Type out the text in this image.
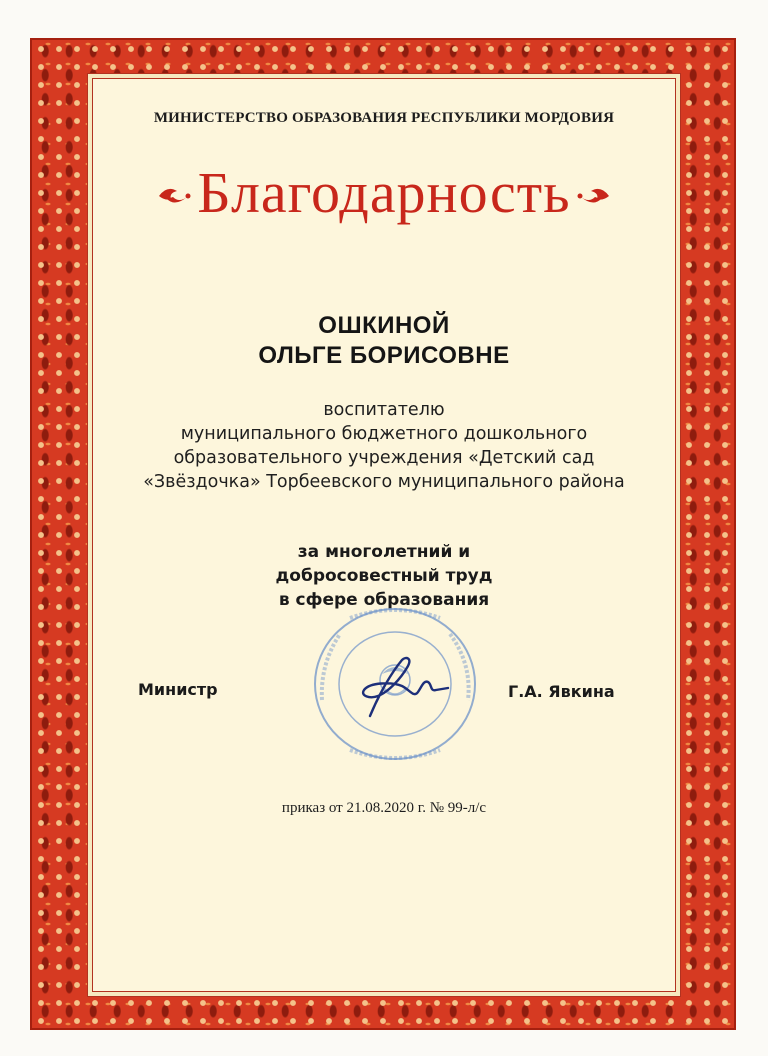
МИНИСТЕРСТВО ОБРАЗОВАНИЯ РЕСПУБЛИКИ МОРДОВИЯ
Благодарность
ОШКИНОЙ
ОЛЬГЕ БОРИСОВНЕ
воспитателю
муниципального бюджетного дошкольного
образовательного учреждения «Детский сад
«Звёздочка» Торбеевского муниципального района
за многолетний и
добросовестный труд
в сфере образования
Министр	Г.А. Явкина
приказ от 21.08.2020 г. № 99-л/с
